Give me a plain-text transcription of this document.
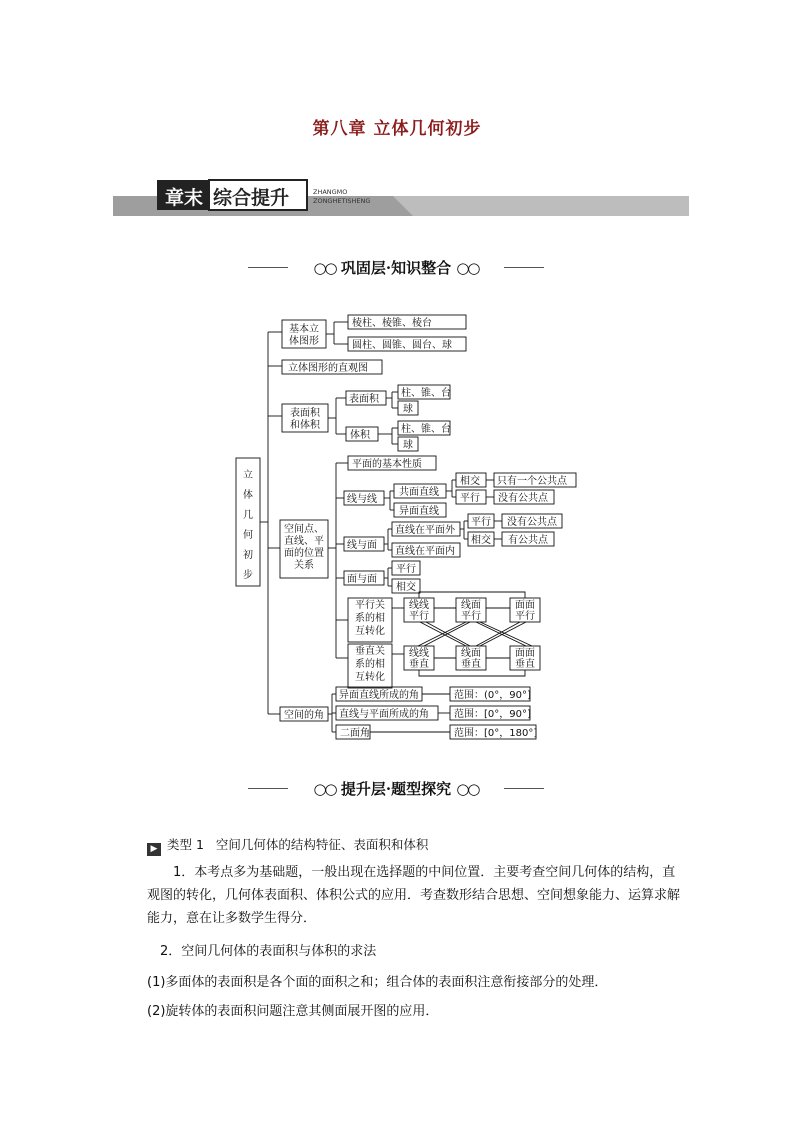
第八章 立体几何初步
章末 综合提升	ZHANGMO
ZONGHETISHENG
○○ 巩固层·知识整合 ○○
立
体
几
何
初
步
基本立
体图形
棱柱、棱锥、棱台
圆柱、圆锥、圆台、球
立体图形的直观图
表面积
和体积
表面积
体积
柱、锥、台
球
柱、锥、台
球
空间点、
直线、平
面的位置
关系
平面的基本性质
线与线
共面直线
异面直线
相交
平行
只有一个公共点
没有公共点
线与面
直线在平面外
直线在平面内
平行
相交
没有公共点
有公共点
面与面
平行
相交
平行关
系的相
互转化
线线
平行
线面
平行
面面
平行
垂直关
系的相
互转化
线线
垂直
线面
垂直
面面
垂直
空间的角
异面直线所成的角
直线与平面所成的角
二面角
范围：(0°，90°]
范围：[0°，90°]
范围：[0°，180°]
○○ 提升层·题型探究 ○○
▶ 类型 1 空间几何体的结构特征、表面积和体积
1．本考点多为基础题，一般出现在选择题的中间位置．主要考查空间几何体的结构，直观图的转化，几何体表面积、体积公式的应用．考查数形结合思想、空间想象能力、运算求解能力，意在让多数学生得分．
2．空间几何体的表面积与体积的求法
(1)多面体的表面积是各个面的面积之和；组合体的表面积注意衔接部分的处理．
(2)旋转体的表面积问题注意其侧面展开图的应用．
